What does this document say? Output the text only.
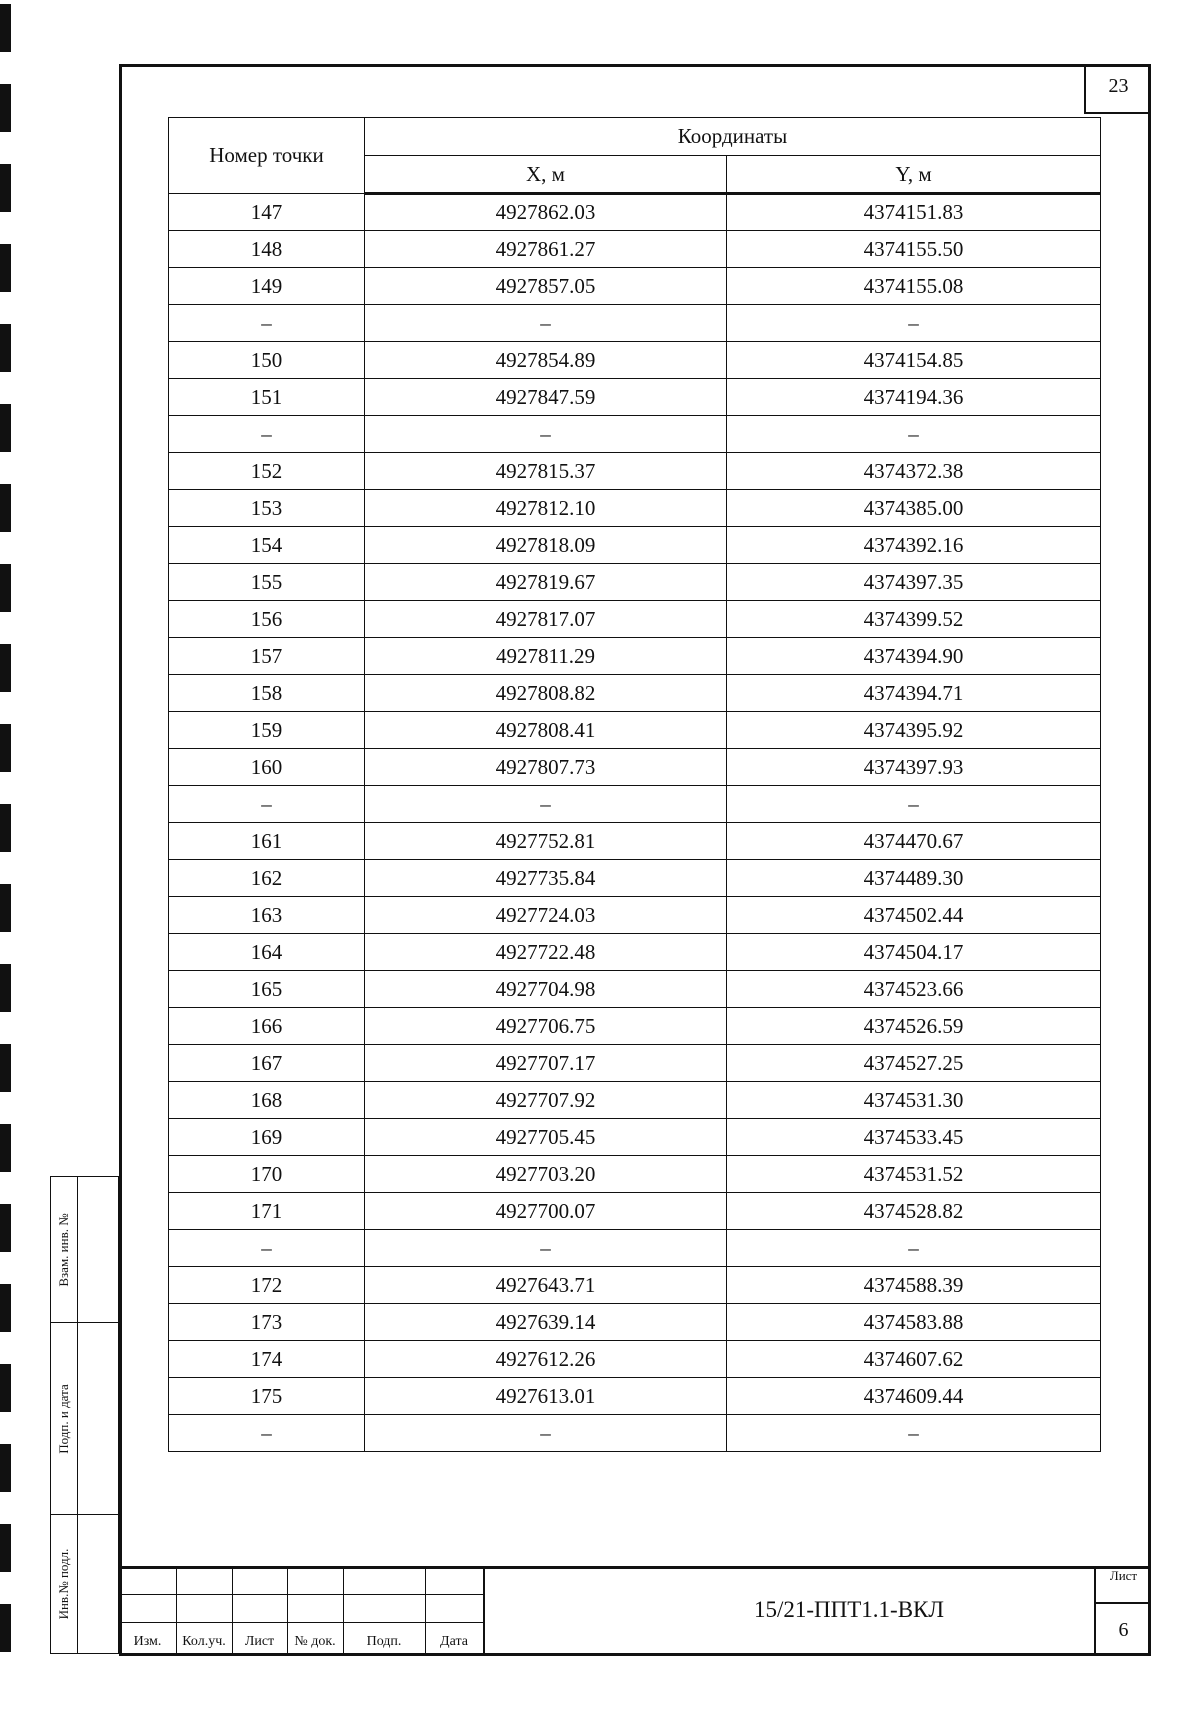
23
Номер точки	Координаты	
	X, м	Y, м
147	4927862.03	4374151.83
148	4927861.27	4374155.50
149	4927857.05	4374155.08
–	–	–
150	4927854.89	4374154.85
151	4927847.59	4374194.36
–	–	–
152	4927815.37	4374372.38
153	4927812.10	4374385.00
154	4927818.09	4374392.16
155	4927819.67	4374397.35
156	4927817.07	4374399.52
157	4927811.29	4374394.90
158	4927808.82	4374394.71
159	4927808.41	4374395.92
160	4927807.73	4374397.93
–	–	–
161	4927752.81	4374470.67
162	4927735.84	4374489.30
163	4927724.03	4374502.44
164	4927722.48	4374504.17
165	4927704.98	4374523.66
166	4927706.75	4374526.59
167	4927707.17	4374527.25
168	4927707.92	4374531.30
169	4927705.45	4374533.45
170	4927703.20	4374531.52
171	4927700.07	4374528.82
–	–	–
172	4927643.71	4374588.39
173	4927639.14	4374583.88
174	4927612.26	4374607.62
175	4927613.01	4374609.44
–	–	–
Взам. инв. №
Подп. и дата
Инв.№ подл.
Изм.	Кол.уч.	Лист	№ док.	Подп.	Дата
15/21-ППТ1.1-ВКЛ
Лист
6
